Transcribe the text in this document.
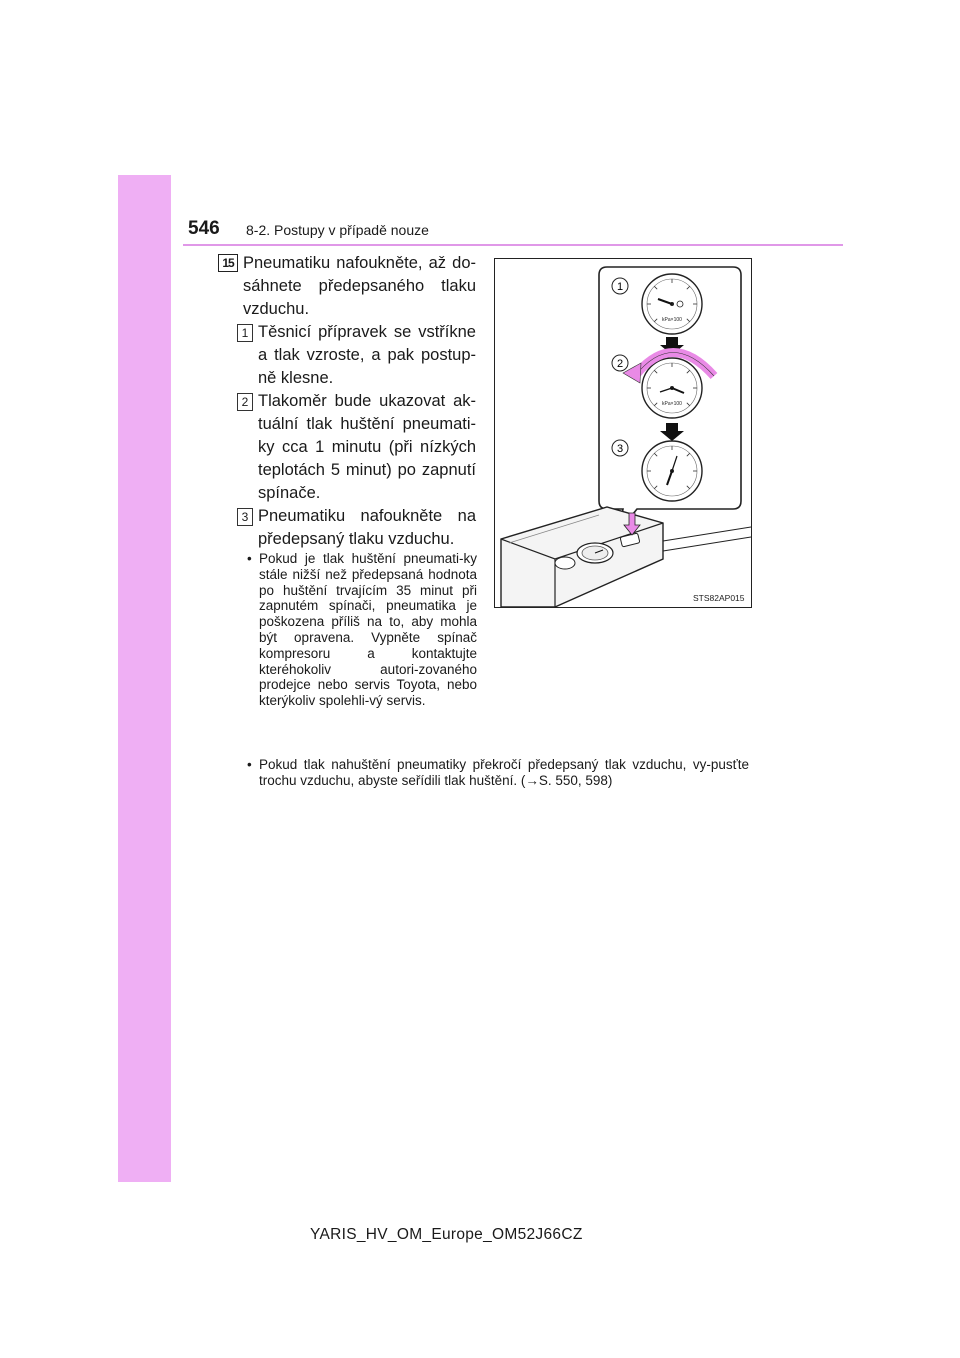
546 8-2. Postupy v případě nouze
15 Pneumatiku nafoukněte, až do-sáhnete předepsaného tlaku vzduchu.

1 Těsnicí přípravek se vstříkne a tlak vzroste, a pak postup-ně klesne.

2 Tlakoměr bude ukazovat ak-tuální tlak huštění pneumati-ky cca 1 minutu (při nízkých teplotách 5 minut) po zapnutí spínače.

3 Pneumatiku nafoukněte na předepsaný tlaku vzduchu.

• Pokud je tlak huštění pneumati-ky stále nižší než předepsaná hodnota po huštění trvajícím 35 minut při zapnutém spínači, pneumatika je poškozena příliš na to, aby mohla být opravena. Vypněte spínač kompresoru a kontaktujte kteréhokoliv autori-zovaného prodejce nebo servis Toyota, nebo kterýkoliv spolehli-vý servis.

• Pokud tlak nahuštění pneumatiky překročí předepsaný tlak vzduchu, vy-pusťte trochu vzduchu, abyste seřídili tlak huštění. (→S. 550, 598)

kPa×100
kPa×100
1
2
3
STS82AP015
YARIS_HV_OM_Europe_OM52J66CZ
